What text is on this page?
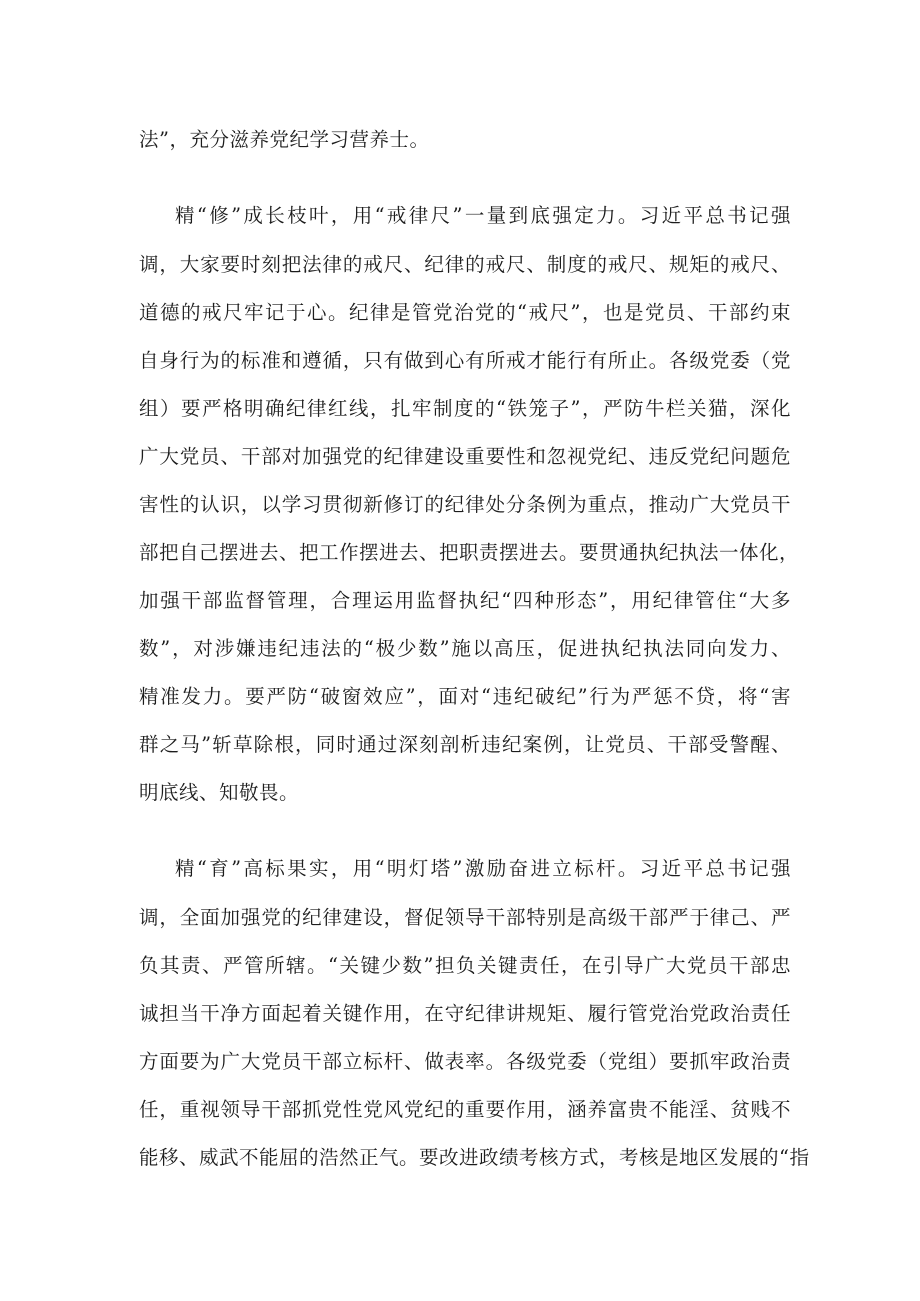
法”，充分滋养党纪学习营养士。
精“修”成长枝叶，用“戒律尺”一量到底强定力。习近平总书记强
调，大家要时刻把法律的戒尺、纪律的戒尺、制度的戒尺、规矩的戒尺、
道德的戒尺牢记于心。纪律是管党治党的“戒尺”，也是党员、干部约束
自身行为的标准和遵循，只有做到心有所戒才能行有所止。各级党委（党
组）要严格明确纪律红线，扎牢制度的“铁笼子”，严防牛栏关猫，深化
广大党员、干部对加强党的纪律建设重要性和忽视党纪、违反党纪问题危
害性的认识，以学习贯彻新修订的纪律处分条例为重点，推动广大党员干
部把自己摆进去、把工作摆进去、把职责摆进去。要贯通执纪执法一体化，
加强干部监督管理，合理运用监督执纪“四种形态”，用纪律管住“大多
数”，对涉嫌违纪违法的“极少数”施以高压，促进执纪执法同向发力、
精准发力。要严防“破窗效应”，面对“违纪破纪”行为严惩不贷，将“害
群之马”斩草除根，同时通过深刻剖析违纪案例，让党员、干部受警醒、
明底线、知敬畏。
精“育”高标果实，用“明灯塔”激励奋进立标杆。习近平总书记强
调，全面加强党的纪律建设，督促领导干部特别是高级干部严于律己、严
负其责、严管所辖。“关键少数”担负关键责任，在引导广大党员干部忠
诚担当干净方面起着关键作用，在守纪律讲规矩、履行管党治党政治责任
方面要为广大党员干部立标杆、做表率。各级党委（党组）要抓牢政治责
任，重视领导干部抓党性党风党纪的重要作用，涵养富贵不能淫、贫贱不
能移、威武不能屈的浩然正气。要改进政绩考核方式，考核是地区发展的“指
